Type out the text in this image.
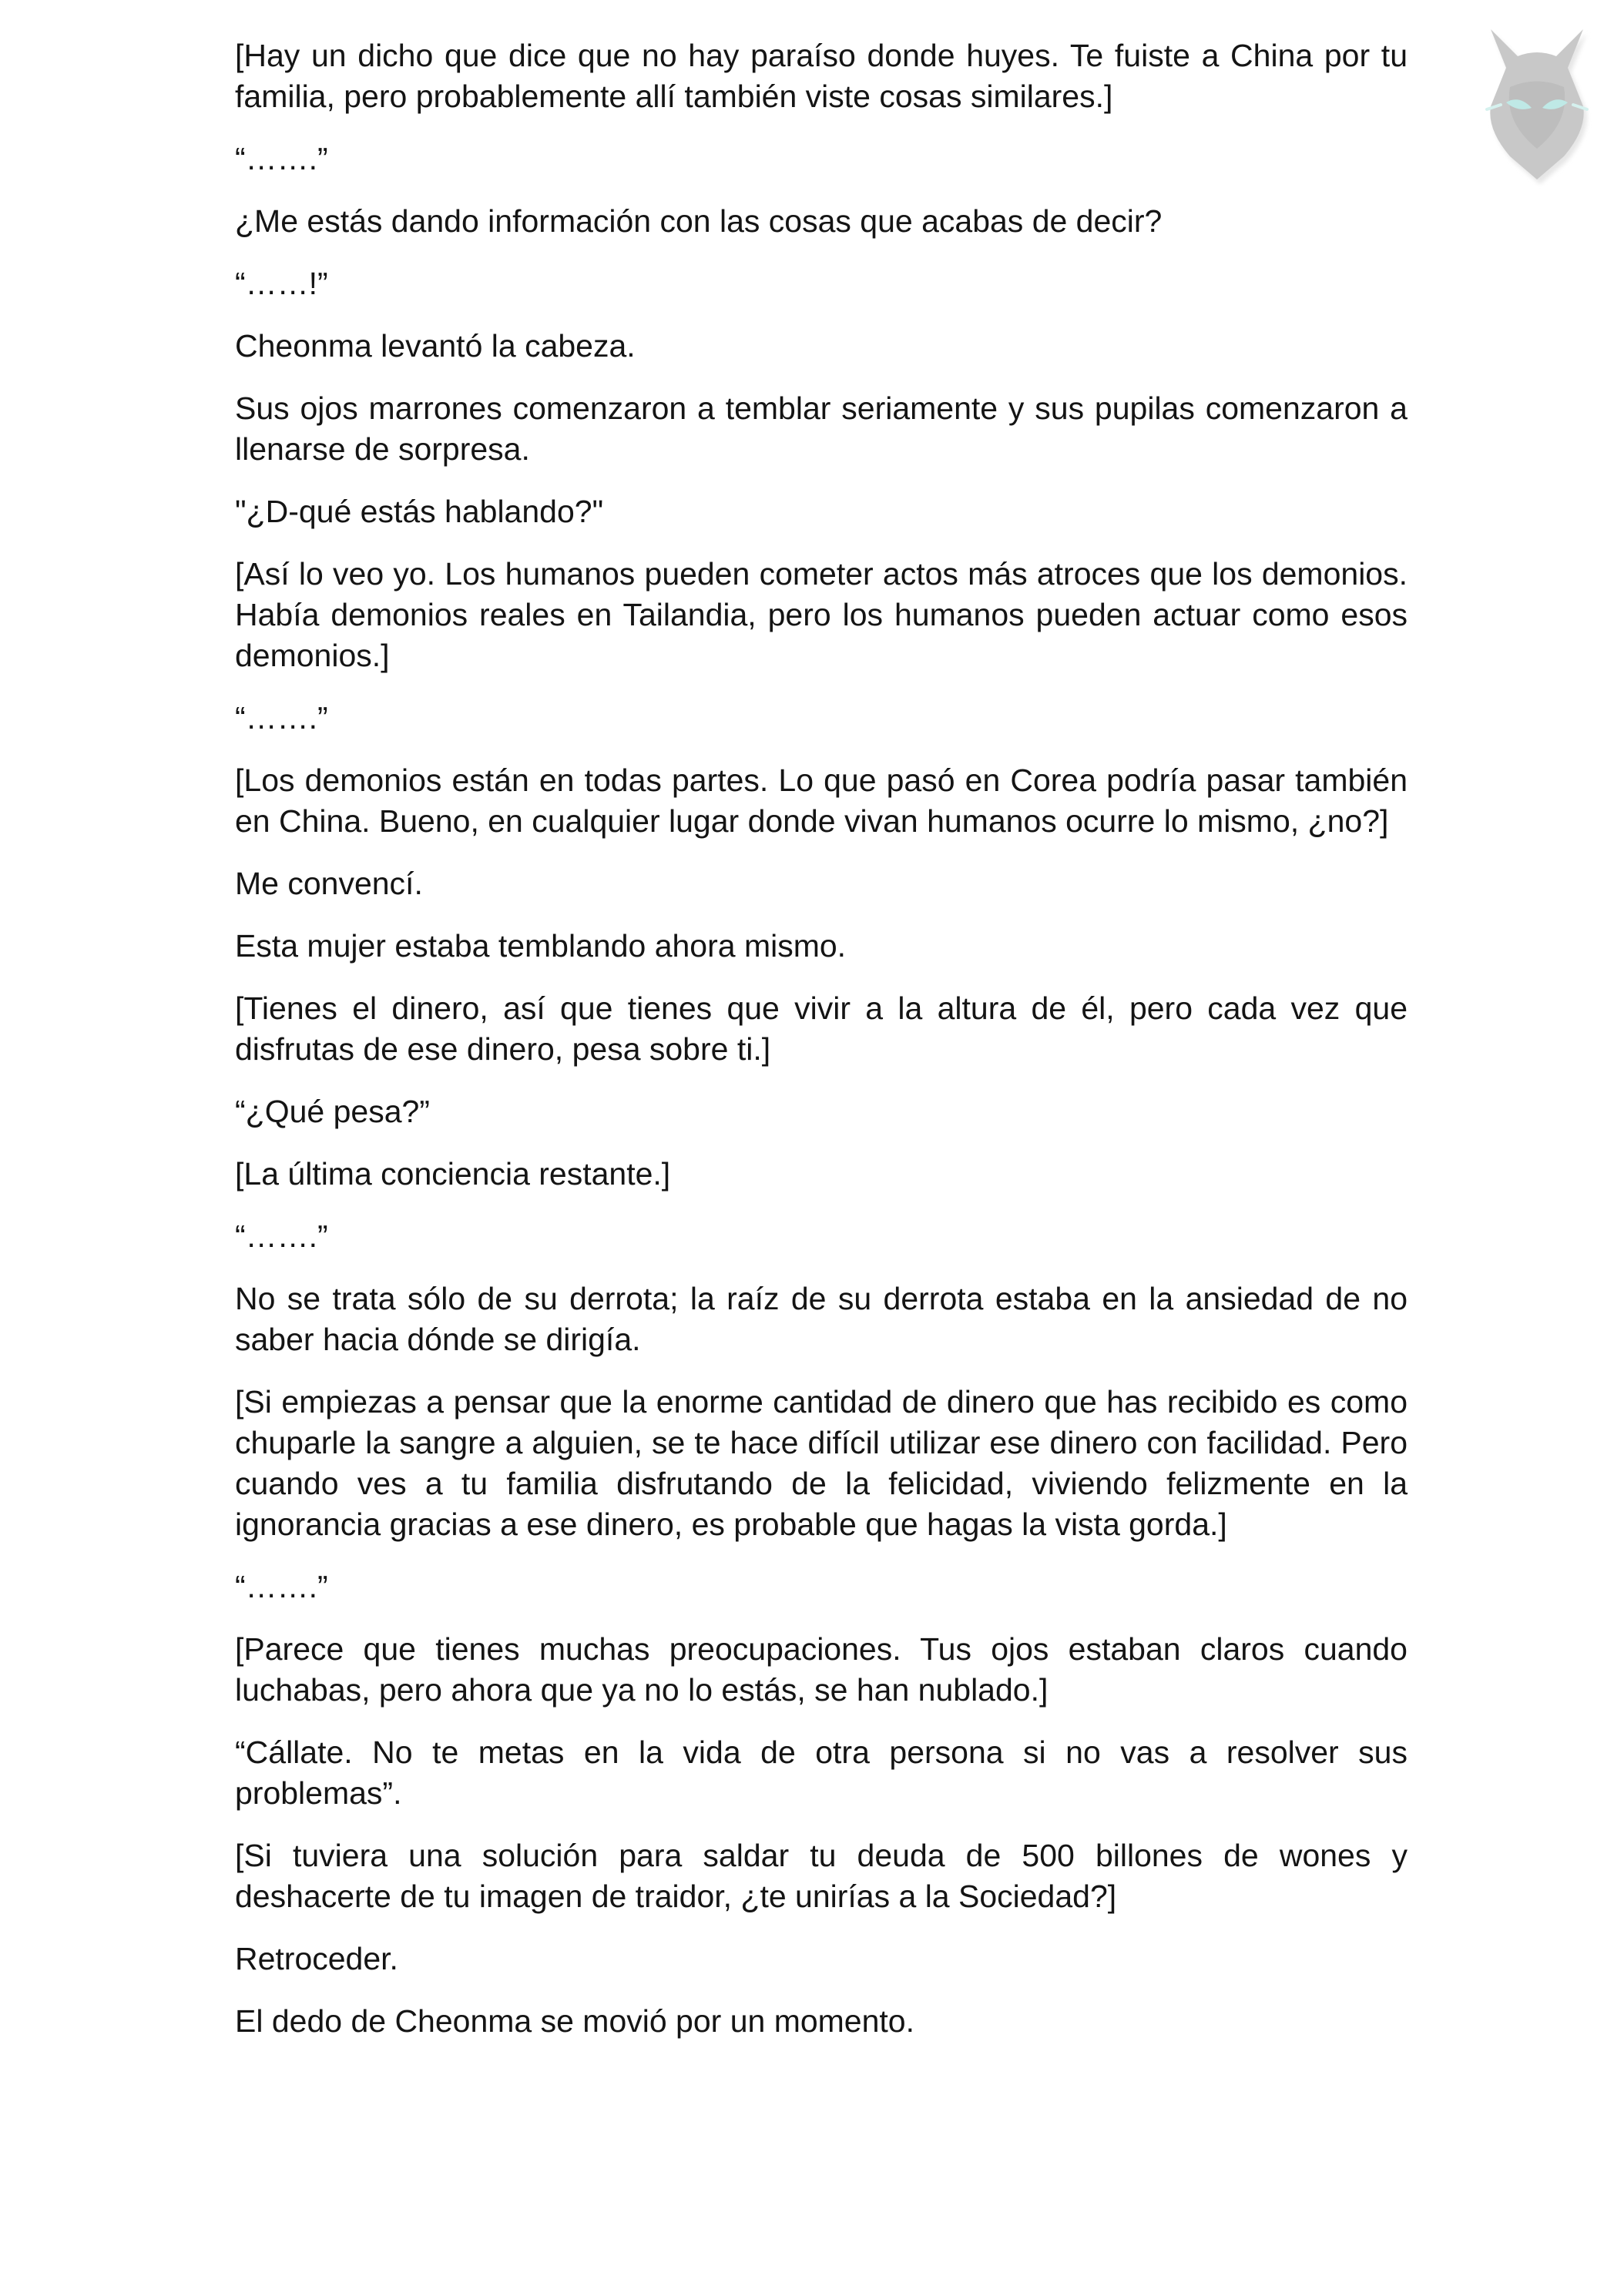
[Hay un dicho que dice que no hay paraíso donde huyes. Te fuiste a China por tu familia, pero probablemente allí también viste cosas similares.]

“…….”

¿Me estás dando información con las cosas que acabas de decir?

“……!”

Cheonma levantó la cabeza.

Sus ojos marrones comenzaron a temblar seriamente y sus pupilas comenzaron a llenarse de sorpresa.

"¿D-qué estás hablando?"

[Así lo veo yo. Los humanos pueden cometer actos más atroces que los demonios. Había demonios reales en Tailandia, pero los humanos pueden actuar como esos demonios.]

“…….”

[Los demonios están en todas partes. Lo que pasó en Corea podría pasar también en China. Bueno, en cualquier lugar donde vivan humanos ocurre lo mismo, ¿no?]

Me convencí.

Esta mujer estaba temblando ahora mismo.

[Tienes el dinero, así que tienes que vivir a la altura de él, pero cada vez que disfrutas de ese dinero, pesa sobre ti.]

“¿Qué pesa?”

[La última conciencia restante.]

“…….”

No se trata sólo de su derrota; la raíz de su derrota estaba en la ansiedad de no saber hacia dónde se dirigía.

[Si empiezas a pensar que la enorme cantidad de dinero que has recibido es como chuparle la sangre a alguien, se te hace difícil utilizar ese dinero con facilidad. Pero cuando ves a tu familia disfrutando de la felicidad, viviendo felizmente en la ignorancia gracias a ese dinero, es probable que hagas la vista gorda.]

“…….”

[Parece que tienes muchas preocupaciones. Tus ojos estaban claros cuando luchabas, pero ahora que ya no lo estás, se han nublado.]

“Cállate. No te metas en la vida de otra persona si no vas a resolver sus problemas”.

[Si tuviera una solución para saldar tu deuda de 500 billones de wones y deshacerte de tu imagen de traidor, ¿te unirías a la Sociedad?]

Retroceder.

El dedo de Cheonma se movió por un momento.
